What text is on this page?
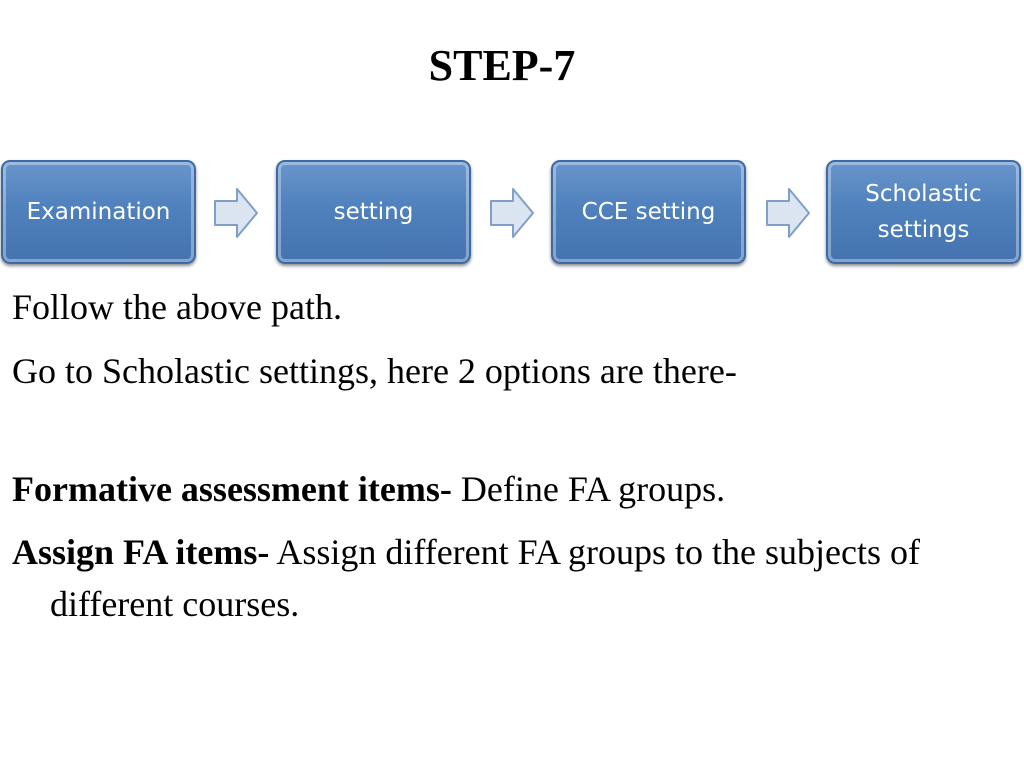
STEP-7
Examination	setting	CCE setting
Scholastic settings

Follow the above path.

Go to Scholastic settings, here 2 options are there-

Formative assessment items- Define FA groups.

Assign FA items- Assign different FA groups to the subjects of different courses.
